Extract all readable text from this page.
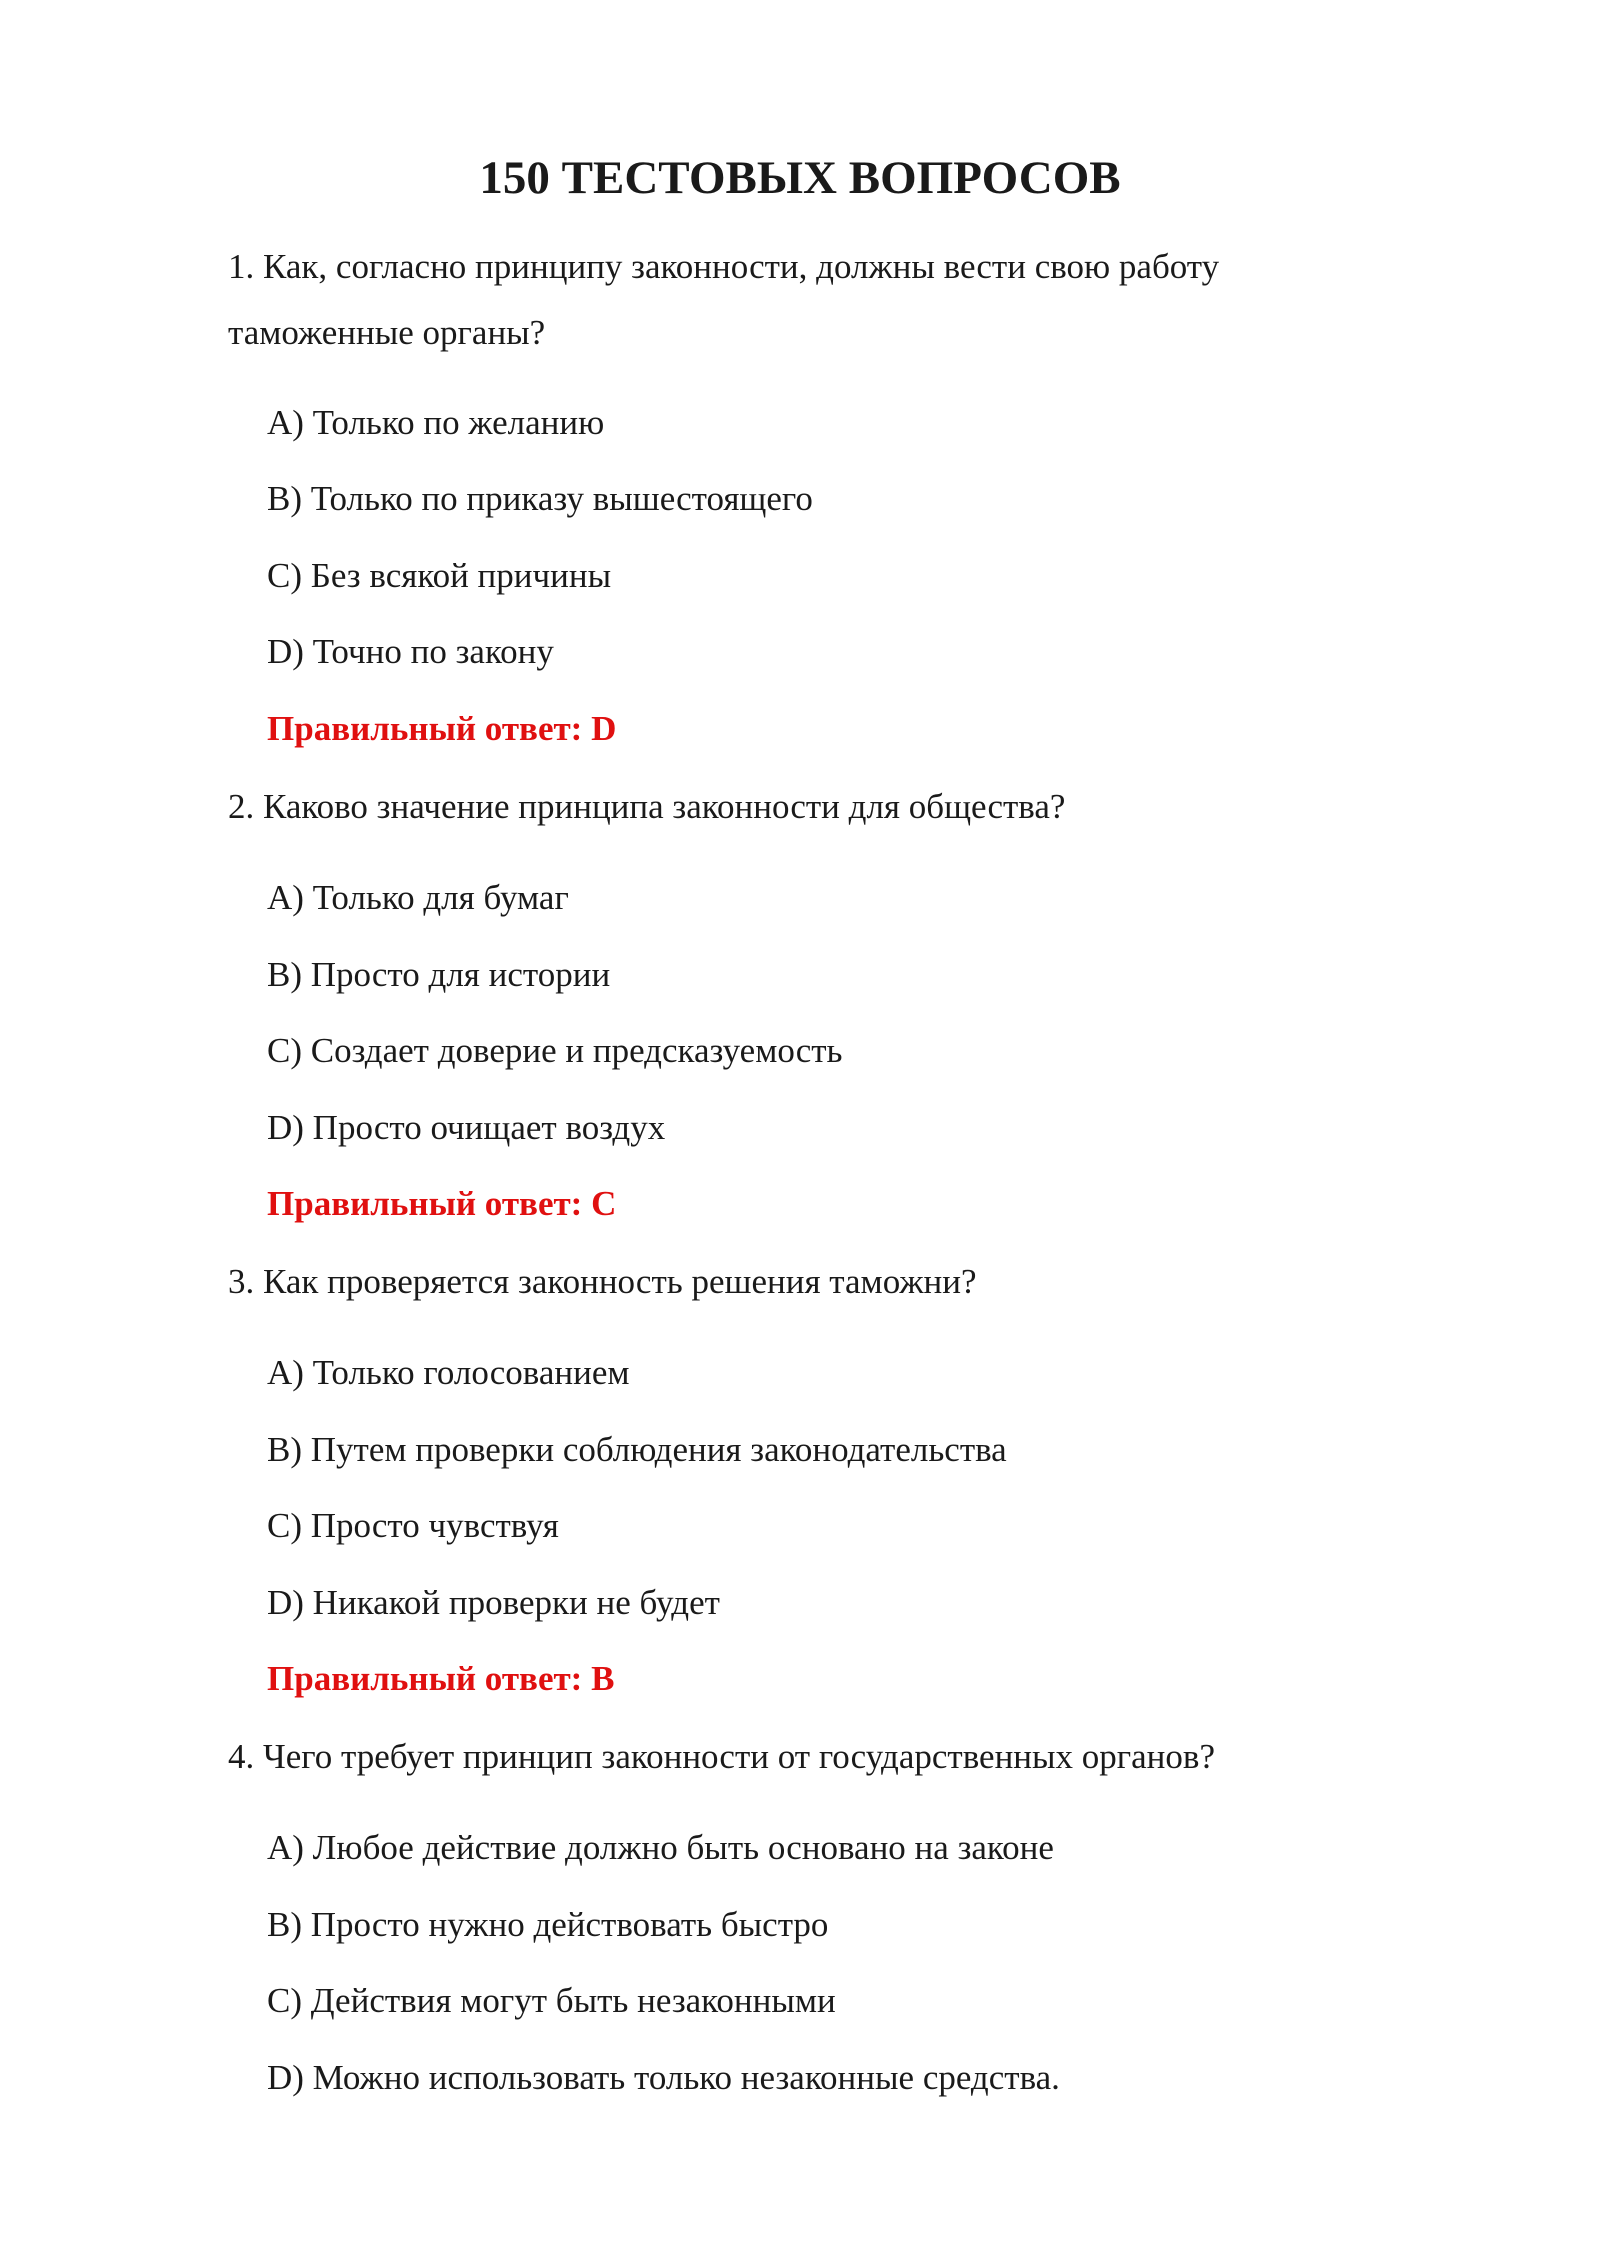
150 ТЕСТОВЫХ ВОПРОСОВ
1. Как, согласно принципу законности, должны вести свою работу таможенные органы?
A) Только по желанию
B) Только по приказу вышестоящего
C) Без всякой причины
D) Точно по закону
Правильный ответ: D
2. Каково значение принципа законности для общества?
A) Только для бумаг
B) Просто для истории
C) Создает доверие и предсказуемость
D) Просто очищает воздух
Правильный ответ: C
3. Как проверяется законность решения таможни?
A) Только голосованием
B) Путем проверки соблюдения законодательства
C) Просто чувствуя
D) Никакой проверки не будет
Правильный ответ: B
4. Чего требует принцип законности от государственных органов?
A) Любое действие должно быть основано на законе
B) Просто нужно действовать быстро
C) Действия могут быть незаконными
D) Можно использовать только незаконные средства.
